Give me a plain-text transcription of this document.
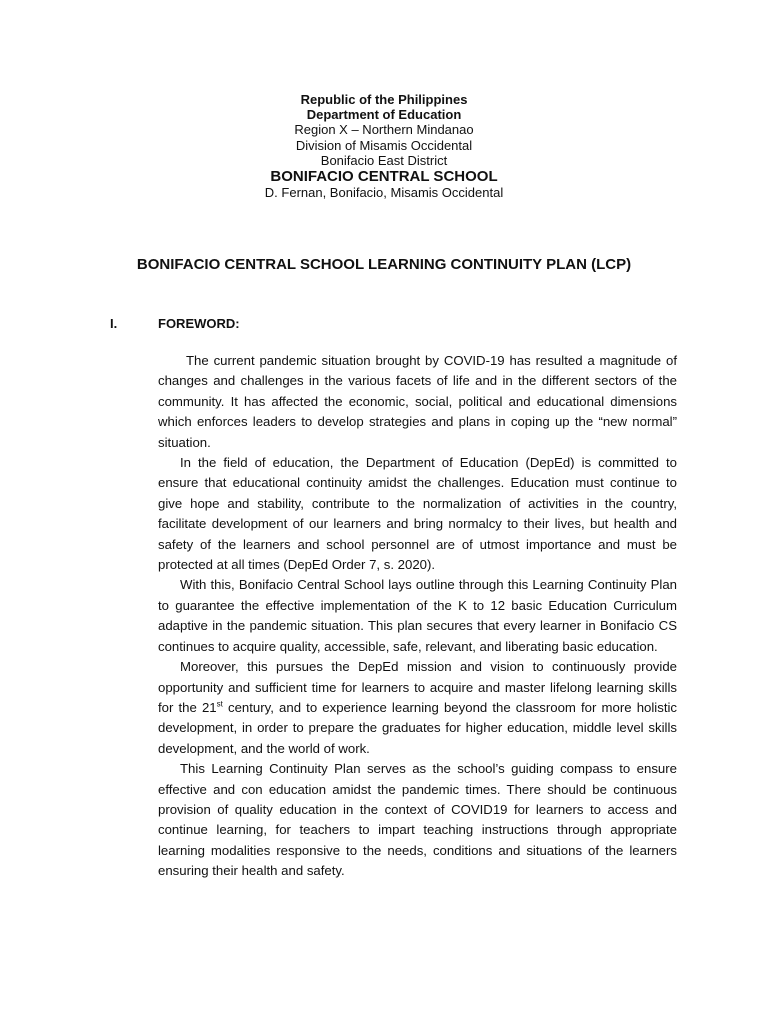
Republic of the Philippines
Department of Education
Region X – Northern Mindanao
Division of Misamis Occidental
Bonifacio East District
BONIFACIO CENTRAL SCHOOL
D. Fernan, Bonifacio, Misamis Occidental
BONIFACIO CENTRAL SCHOOL LEARNING CONTINUITY PLAN (LCP)
I.	FOREWORD:

The current pandemic situation brought by COVID-19 has resulted a magnitude of changes and challenges in the various facets of life and in the different sectors of the community. It has affected the economic, social, political and educational dimensions which enforces leaders to develop strategies and plans in coping up the “new normal” situation.

In the field of education, the Department of Education (DepEd) is committed to ensure that educational continuity amidst the challenges. Education must continue to give hope and stability, contribute to the normalization of activities in the country, facilitate development of our learners and bring normalcy to their lives, but health and safety of the learners and school personnel are of utmost importance and must be protected at all times (DepEd Order 7, s. 2020).

With this, Bonifacio Central School lays outline through this Learning Continuity Plan to guarantee the effective implementation of the K to 12 basic Education Curriculum adaptive in the pandemic situation. This plan secures that every learner in Bonifacio CS continues to acquire quality, accessible, safe, relevant, and liberating basic education.

Moreover, this pursues the DepEd mission and vision to continuously provide opportunity and sufficient time for learners to acquire and master lifelong learning skills for the 21st century, and to experience learning beyond the classroom for more holistic development, in order to prepare the graduates for higher education, middle level skills development, and the world of work.

This Learning Continuity Plan serves as the school’s guiding compass to ensure effective and con education amidst the pandemic times. There should be continuous provision of quality education in the context of COVID19 for learners to access and continue learning, for teachers to impart teaching instructions through appropriate learning modalities responsive to the needs, conditions and situations of the learners ensuring their health and safety.
